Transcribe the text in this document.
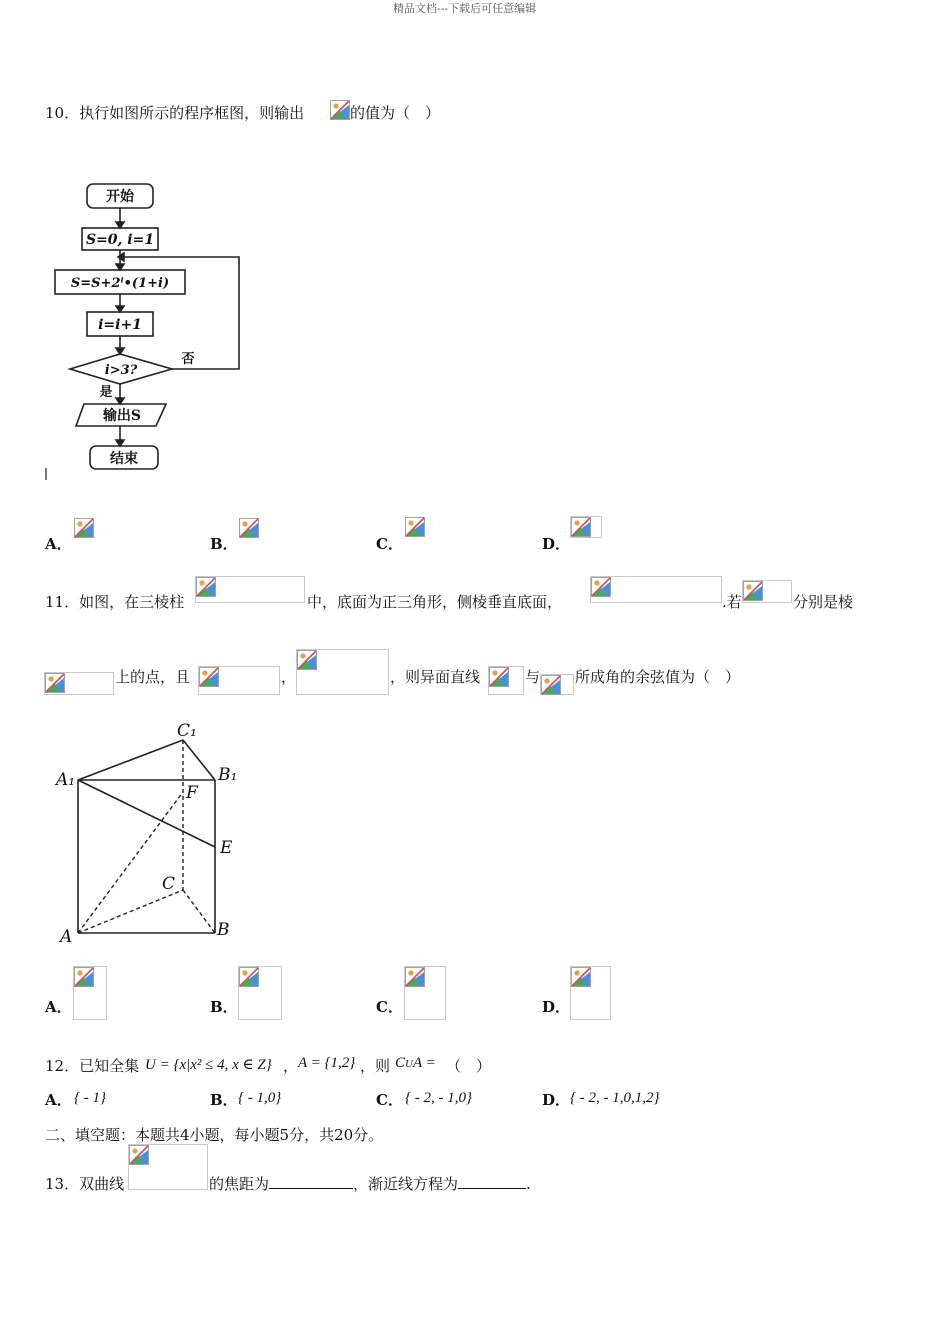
精品文档---下载后可任意编辑
10．执行如图所示的程序框图，则输出	的值为（　）
开始
S=0, i=1
S=S+2ⁱ•(1+i)
i=i+1
i>3?
否
是
输出S
结束
A．	B．	C．	D．
11．如图，在三棱柱	中，底面为正三角形，侧棱垂直底面，	.若	分别是棱
上的点，且	，	，则异面直线	与 所成角的余弦值为（　）
C₁
A₁	B₁
F
E
C
A	B
A．	B．	C．	D．
12．已知全集 U = {x|x² ≤ 4, x ∈ Z} ， A = {1,2} ，则 CUA = （　）
A． { - 1}	B． { - 1,0}	C． { - 2, - 1,0}	D． { - 2, - 1,0,1,2}
二、填空题：本题共4小题，每小题5分，共20分。
13．双曲线	的焦距为	，渐近线方程为	.
